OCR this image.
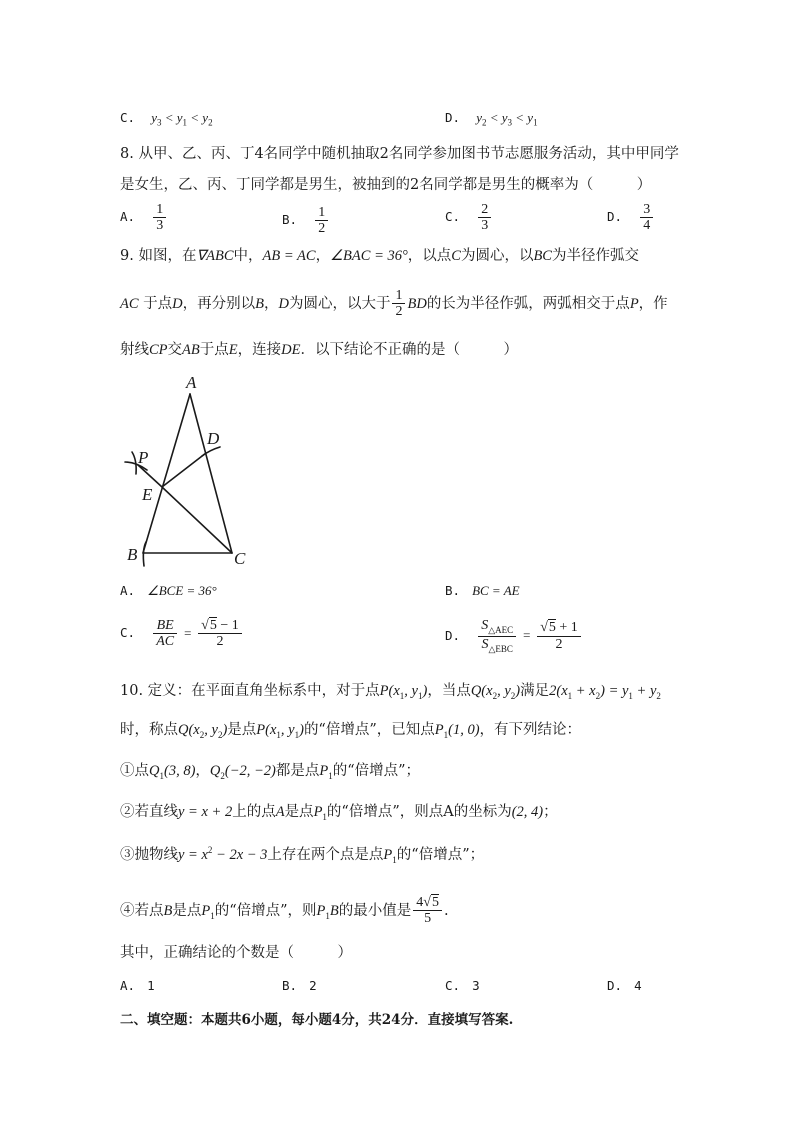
C. $y_3 < y_1 < y_2$	D. $y_2 < y_3 < y_1$
8. 从甲、乙、丙、丁4名同学中随机抽取2名同学参加图书节志愿服务活动，其中甲同学
是女生，乙、丙、丁同学都是男生，被抽到的2名同学都是男生的概率为（　　　）
A. $\frac{1}{3}$	B. $\frac{1}{2}$	C. $\frac{2}{3}$	D. $\frac{3}{4}$
9. 如图，在∇ABC中，AB = AC，∠BAC = 36°，以点C为圆心，以BC为半径作弧交
AC 于点D，再分别以B，D为圆心，以大于 $\frac{1}{2}$ BD的长为半径作弧，两弧相交于点P，作
射线CP交AB于点E，连接DE．以下结论不正确的是（　　　）
A
D
P
E
B	C
A. ∠BCE = 36°	B. BC = AE
C. $\frac{BE}{AC} = \frac{√5 - 1}{2}$	D. $\frac{S_{\triangle AEC}}{S_{\triangle EBC}} = \frac{√5 + 1}{2}$
10. 定义：在平面直角坐标系中，对于点$P(x_1$, $y_1$)，当点$Q(x_2$, $y_2$)满足$2(x_1 + x_2) = y_1 + y_2$
时，称点$Q(x_2$, $y_2$)是点$P(x_1$, $y_1$)的“倍增点”，已知点$P_1(1$, 0)，有下列结论：
①点$Q_1(3$, 8)，$Q_2(-2$, −2)都是点$P_1$的“倍增点”；
②若直线y = x + 2上的点A是点$P_1$的“倍增点”，则点A的坐标为(2, 4)；
③抛物线$y = x^2 - 2x - 3$上存在两个点是点$P_1$的“倍增点”；
④若点B是点$P_1$的“倍增点”，则$P_1B$的最小值是 $\frac{4√5}{5}$ .
其中，正确结论的个数是（　　　）
A. 1	B. 2	C. 3	D. 4
二、填空题：本题共6小题，每小题4分，共24分．直接填写答案.
